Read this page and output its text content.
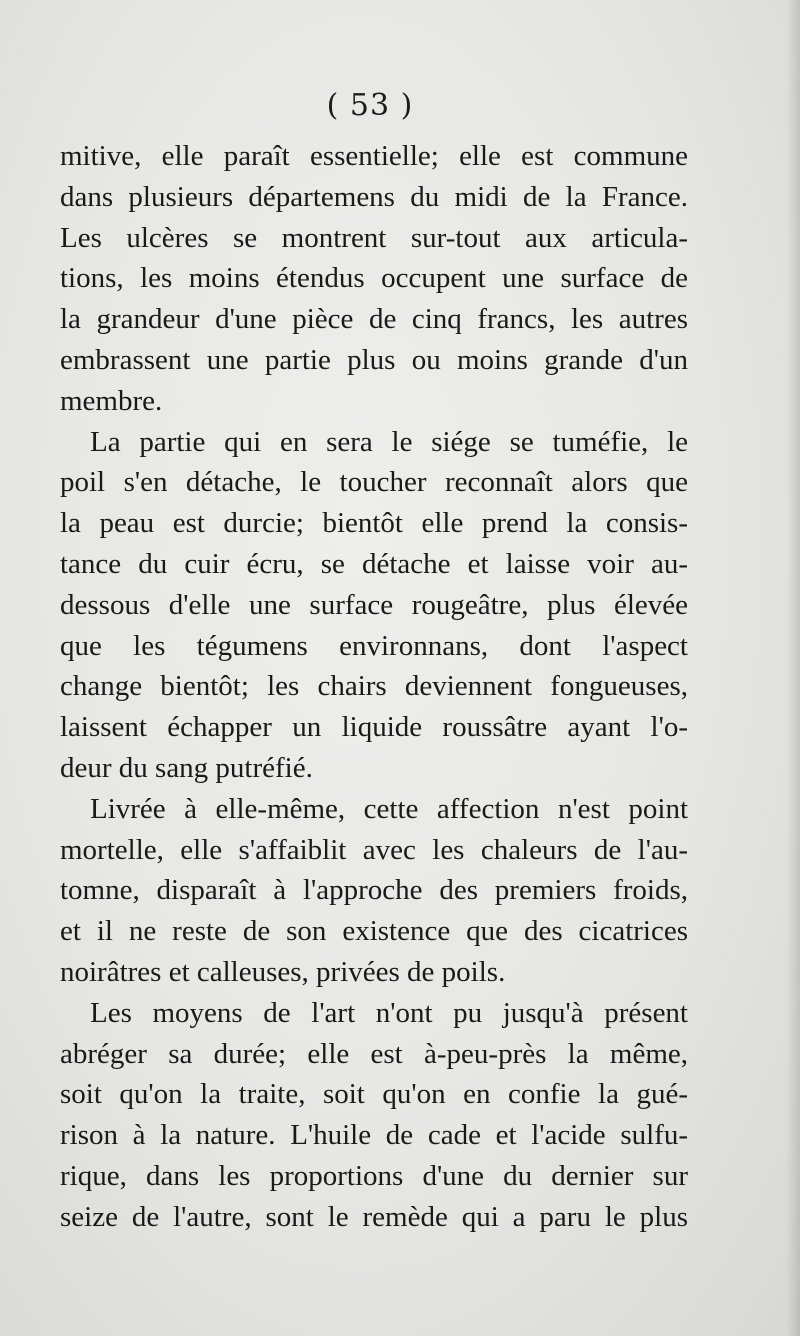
( 53 )
mitive, elle paraît essentielle; elle est commune
dans plusieurs départemens du midi de la France.
Les ulcères se montrent sur-tout aux articula-
tions, les moins étendus occupent une surface de
la grandeur d'une pièce de cinq francs, les autres
embrassent une partie plus ou moins grande d'un
membre.
La partie qui en sera le siége se tuméfie, le
poil s'en détache, le toucher reconnaît alors que
la peau est durcie; bientôt elle prend la consis-
tance du cuir écru, se détache et laisse voir au-
dessous d'elle une surface rougeâtre, plus élevée
que les tégumens environnans, dont l'aspect
change bientôt; les chairs deviennent fongueuses,
laissent échapper un liquide roussâtre ayant l'o-
deur du sang putréfié.
Livrée à elle-même, cette affection n'est point
mortelle, elle s'affaiblit avec les chaleurs de l'au-
tomne, disparaît à l'approche des premiers froids,
et il ne reste de son existence que des cicatrices
noirâtres et calleuses, privées de poils.
Les moyens de l'art n'ont pu jusqu'à présent
abréger sa durée; elle est à-peu-près la même,
soit qu'on la traite, soit qu'on en confie la gué-
rison à la nature. L'huile de cade et l'acide sulfu-
rique, dans les proportions d'une du dernier sur
seize de l'autre, sont le remède qui a paru le plus
